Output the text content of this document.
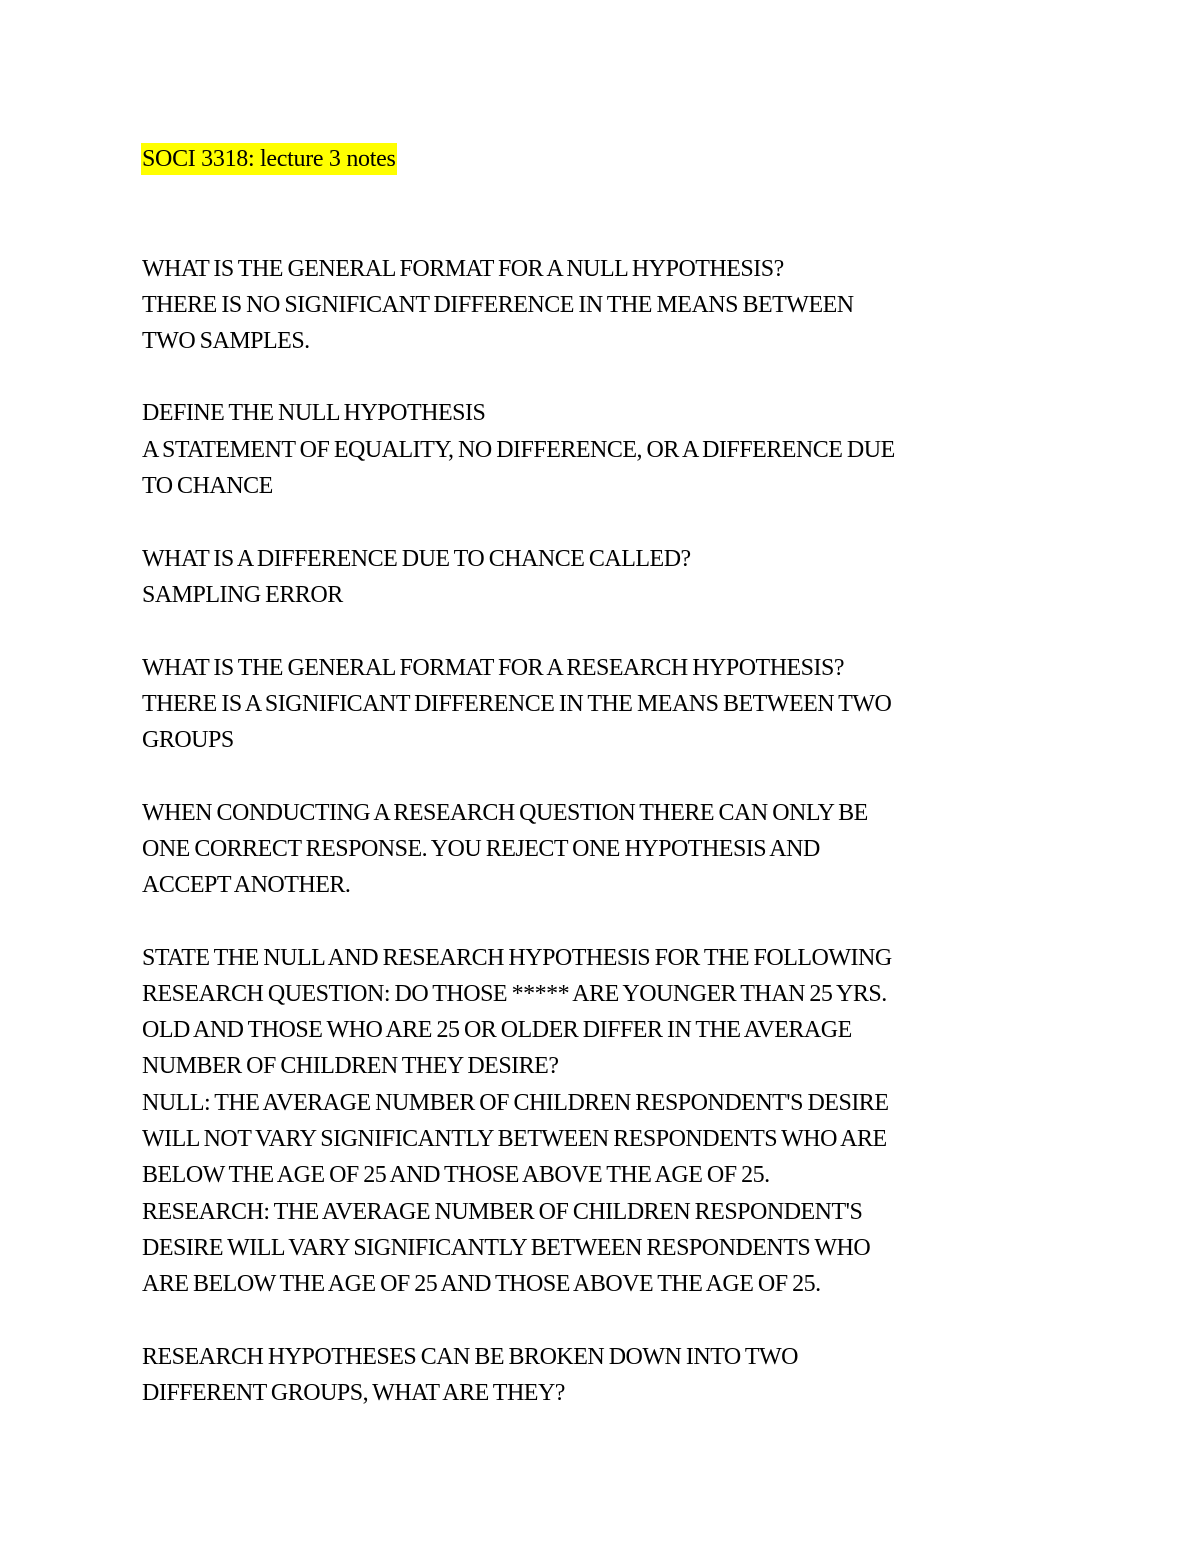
SOCI 3318: lecture 3 notes
WHAT IS THE GENERAL FORMAT FOR A NULL HYPOTHESIS?
THERE IS NO SIGNIFICANT DIFFERENCE IN THE MEANS BETWEEN
TWO SAMPLES.
DEFINE THE NULL HYPOTHESIS
A STATEMENT OF EQUALITY, NO DIFFERENCE, OR A DIFFERENCE DUE
TO CHANCE
WHAT IS A DIFFERENCE DUE TO CHANCE CALLED?
SAMPLING ERROR
WHAT IS THE GENERAL FORMAT FOR A RESEARCH HYPOTHESIS?
THERE IS A SIGNIFICANT DIFFERENCE IN THE MEANS BETWEEN TWO
GROUPS
WHEN CONDUCTING A RESEARCH QUESTION THERE CAN ONLY BE
ONE CORRECT RESPONSE. YOU REJECT ONE HYPOTHESIS AND
ACCEPT ANOTHER.
STATE THE NULL AND RESEARCH HYPOTHESIS FOR THE FOLLOWING
RESEARCH QUESTION: DO THOSE ***** ARE YOUNGER THAN 25 YRS.
OLD AND THOSE WHO ARE 25 OR OLDER DIFFER IN THE AVERAGE
NUMBER OF CHILDREN THEY DESIRE?
NULL: THE AVERAGE NUMBER OF CHILDREN RESPONDENT'S DESIRE
WILL NOT VARY SIGNIFICANTLY BETWEEN RESPONDENTS WHO ARE
BELOW THE AGE OF 25 AND THOSE ABOVE THE AGE OF 25.
RESEARCH: THE AVERAGE NUMBER OF CHILDREN RESPONDENT'S
DESIRE WILL VARY SIGNIFICANTLY BETWEEN RESPONDENTS WHO
ARE BELOW THE AGE OF 25 AND THOSE ABOVE THE AGE OF 25.
RESEARCH HYPOTHESES CAN BE BROKEN DOWN INTO TWO
DIFFERENT GROUPS, WHAT ARE THEY?
